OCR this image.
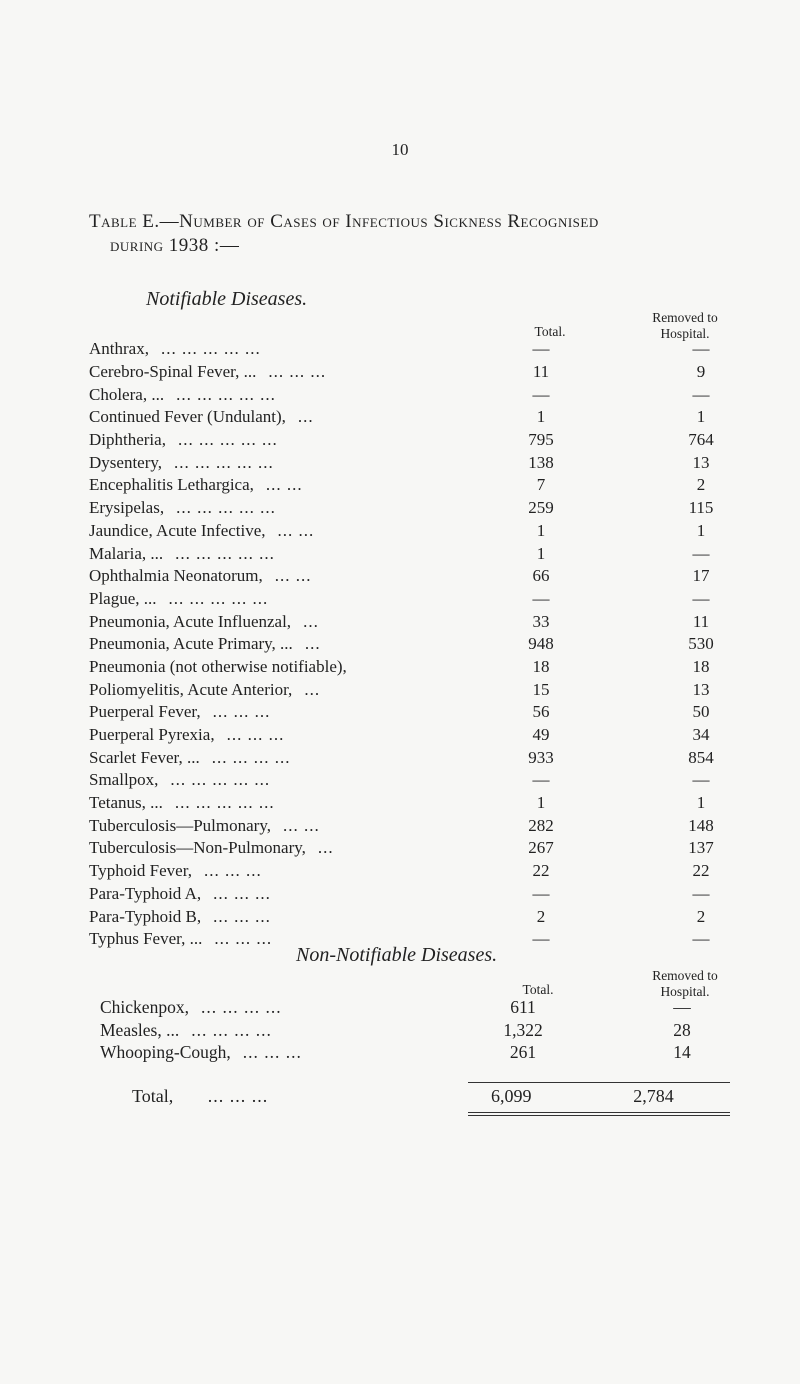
10
Table E.—Number of Cases of Infectious Sickness Recognised
during 1938 :—
Notifiable Diseases.
Total.
Removed to
Hospital.
Anthrax, ... ... ... ... ...	—	—
Cerebro-Spinal Fever, ... ... ... ...	11	9
Cholera, ... ... ... ... ... ...	—	—
Continued Fever (Undulant), ...	1	1
Diphtheria, ... ... ... ... ...	795	764
Dysentery, ... ... ... ... ...	138	13
Encephalitis Lethargica, ... ...	7	2
Erysipelas, ... ... ... ... ...	259	115
Jaundice, Acute Infective, ... ...	1	1
Malaria, ... ... ... ... ... ...	1	—
Ophthalmia Neonatorum, ... ...	66	17
Plague, ... ... ... ... ... ...	—	—
Pneumonia, Acute Influenzal, ...	33	11
Pneumonia, Acute Primary, ... ...	948	530
Pneumonia (not otherwise notifiable),	18	18
Poliomyelitis, Acute Anterior, ...	15	13
Puerperal Fever, ... ... ...	56	50
Puerperal Pyrexia, ... ... ...	49	34
Scarlet Fever, ... ... ... ... ...	933	854
Smallpox, ... ... ... ... ...	—	—
Tetanus, ... ... ... ... ... ...	1	1
Tuberculosis—Pulmonary, ... ...	282	148
Tuberculosis—Non-Pulmonary, ...	267	137
Typhoid Fever, ... ... ...	22	22
Para-Typhoid A, ... ... ...	—	—
Para-Typhoid B, ... ... ...	2	2
Typhus Fever, ... ... ... ...	—	—
Non-Notifiable Diseases.
Total.
Removed to
Hospital.
Chickenpox, ... ... ... ...	611	—
Measles, ... ... ... ... ...	1,322	28
Whooping-Cough, ... ... ...	261	14
Total, ... ... ...	6,099	2,784
